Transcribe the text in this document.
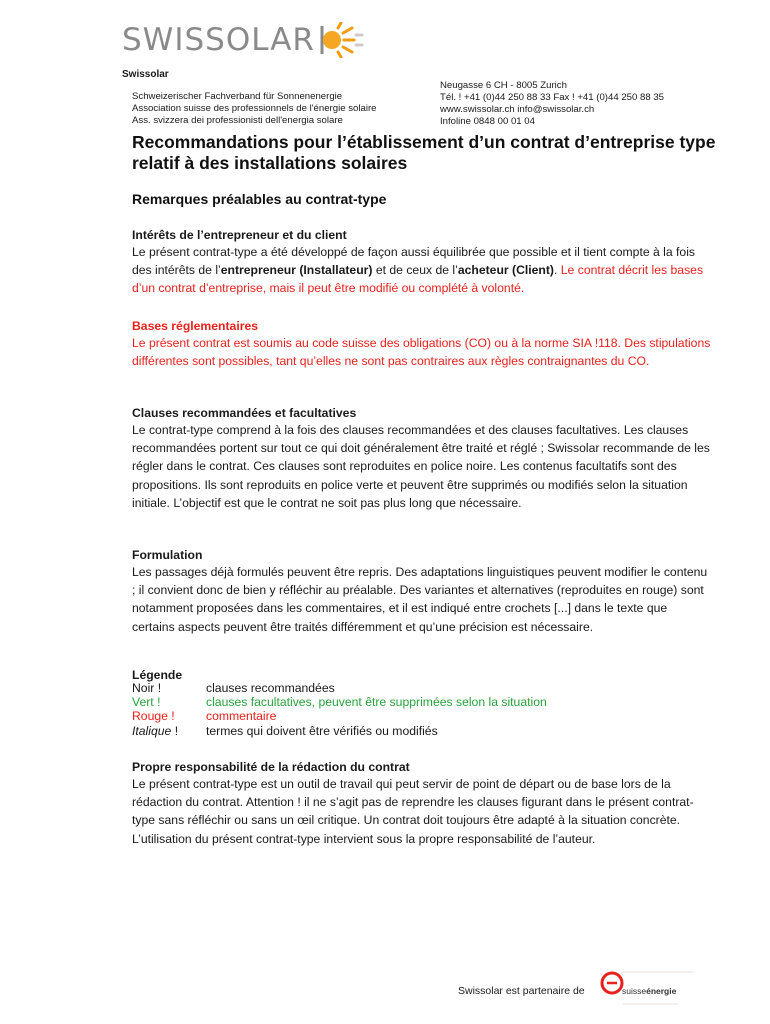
SWISSOLAR
Swissolar
Schweizerischer Fachverband für Sonnenenergie
Association suisse des professionnels de l'énergie solaire
Ass. svizzera dei professionisti dell'energia solare
Neugasse 6 CH - 8005 Zurich
Tél. ! +41 (0)44 250 88 33 Fax ! +41 (0)44 250 88 35
www.swissolar.ch info@swissolar.ch
Infoline 0848 00 01 04
Recommandations pour l’établissement d’un contrat d’entreprise type relatif à des installations solaires
Remarques préalables au contrat-type
Intérêts de l’entrepreneur et du client
Le présent contrat-type a été développé de façon aussi équilibrée que possible et il tient compte à la fois des intérêts de l’entrepreneur (Installateur) et de ceux de l’acheteur (Client). Le contrat décrit les bases d’un contrat d’entreprise, mais il peut être modifié ou complété à volonté.
Bases réglementaires
Le présent contrat est soumis au code suisse des obligations (CO) ou à la norme SIA !118. Des stipulations différentes sont possibles, tant qu’elles ne sont pas contraires aux règles contraignantes du CO.
Clauses recommandées et facultatives
Le contrat-type comprend à la fois des clauses recommandées et des clauses facultatives. Les clauses recommandées portent sur tout ce qui doit généralement être traité et réglé ; Swissolar recommande de les régler dans le contrat. Ces clauses sont reproduites en police noire. Les contenus facultatifs sont des propositions. Ils sont reproduits en police verte et peuvent être supprimés ou modifiés selon la situation initiale. L’objectif est que le contrat ne soit pas plus long que nécessaire.
Formulation
Les passages déjà formulés peuvent être repris. Des adaptations linguistiques peuvent modifier le contenu ; il convient donc de bien y réfléchir au préalable. Des variantes et alternatives (reproduites en rouge) sont notamment proposées dans les commentaires, et il est indiqué entre crochets [...] dans le texte que certains aspects peuvent être traités différemment et qu’une précision est nécessaire.
Légende
Noir !	clauses recommandées
Vert !	clauses facultatives, peuvent être supprimées selon la situation
Rouge !	commentaire
Italique !	termes qui doivent être vérifiés ou modifiés
Propre responsabilité de la rédaction du contrat
Le présent contrat-type est un outil de travail qui peut servir de point de départ ou de base lors de la rédaction du contrat. Attention ! il ne s’agit pas de reprendre les clauses figurant dans le présent contrat-type sans réfléchir ou sans un œil critique. Un contrat doit toujours être adapté à la situation concrète. L’utilisation du présent contrat-type intervient sous la propre responsabilité de l’auteur.
Swissolar est partenaire de	suisseénergie
